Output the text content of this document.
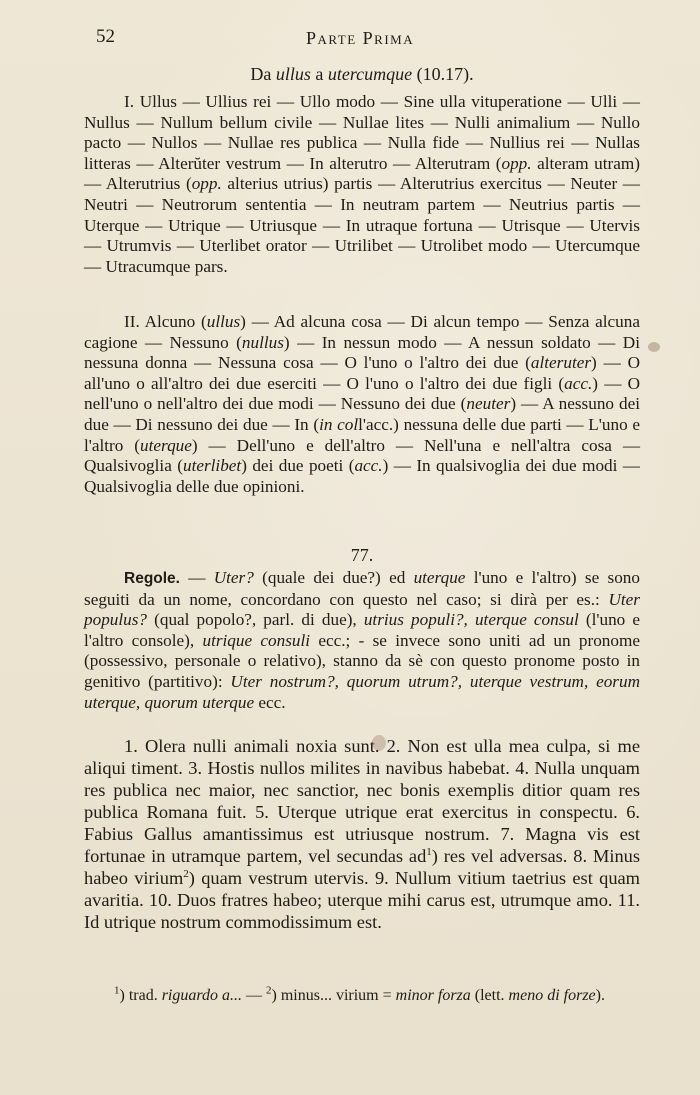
52	Parte Prima
Da ullus a utercumque (10.17).
I. Ullus — Ullius rei — Ullo modo — Sine ulla vituperatione — Ulli — Nullus — Nullum bellum civile — Nullae lites — Nulli animalium — Nullo pacto — Nullos — Nullae res publica — Nulla fide — Nullius rei — Nullas litteras — Alterŭter vestrum — In alterutro — Alterutram (opp. alteram utram) — Alterutrius (opp. alterius utrius) partis — Alterutrius exercitus — Neuter — Neutri — Neutrorum sententia — In neutram partem — Neutrius partis — Uterque — Utrique — Utriusque — In utraque fortuna — Utrisque — Utervis — Utrumvis — Uterlibet orator — Utrilibet — Utrolibet modo — Utercumque — Utracumque pars.
II. Alcuno (ullus) — Ad alcuna cosa — Di alcun tempo — Senza alcuna cagione — Nessuno (nullus) — In nessun modo — A nessun soldato — Di nessuna donna — Nessuna cosa — O l'uno o l'altro dei due (alteruter) — O all'uno o all'altro dei due eserciti — O l'uno o l'altro dei due figli (acc.) — O nell'uno o nell'altro dei due modi — Nessuno dei due (neuter) — A nessuno dei due — Di nessuno dei due — In (in coll'acc.) nessuna delle due parti — L'uno e l'altro (uterque) — Dell'uno e dell'altro — Nell'una e nell'altra cosa — Qualsivoglia (uterlibet) dei due poeti (acc.) — In qualsivoglia dei due modi — Qualsivoglia delle due opinioni.
77.
Regole. — Uter? (quale dei due?) ed uterque l'uno e l'altro) se sono seguiti da un nome, concordano con questo nel caso; si dirà per es.: Uter populus? (qual popolo?, parl. di due), utrius populi?, uterque consul (l'uno e l'altro console), utrique consuli ecc.; - se invece sono uniti ad un pronome (possessivo, personale o relativo), stanno da sè con questo pronome posto in genitivo (partitivo): Uter nostrum?, quorum utrum?, uterque vestrum, eorum uterque, quorum uterque ecc.
1. Olera nulli animali noxia sunt. 2. Non est ulla mea culpa, si me aliqui timent. 3. Hostis nullos milites in navibus habebat. 4. Nulla unquam res publica nec maior, nec sanctior, nec bonis exemplis ditior quam res publica Romana fuit. 5. Uterque utrique erat exercitus in conspectu. 6. Fabius Gallus amantissimus est utriusque nostrum. 7. Magna vis est fortunae in utramque partem, vel secundas $ad^1$) res vel adversas. 8. Minus habeo virium$^2$) quam vestrum utervis. 9. Nullum vitium taetrius est quam avaritia. 10. Duos fratres habeo; uterque mihi carus est, utrumque amo. 11. Id utrique nostrum commodissimum est.
$^1$) trad. riguardo a... — $^2$) minus... virium = minor forza (lett. meno di forze).
